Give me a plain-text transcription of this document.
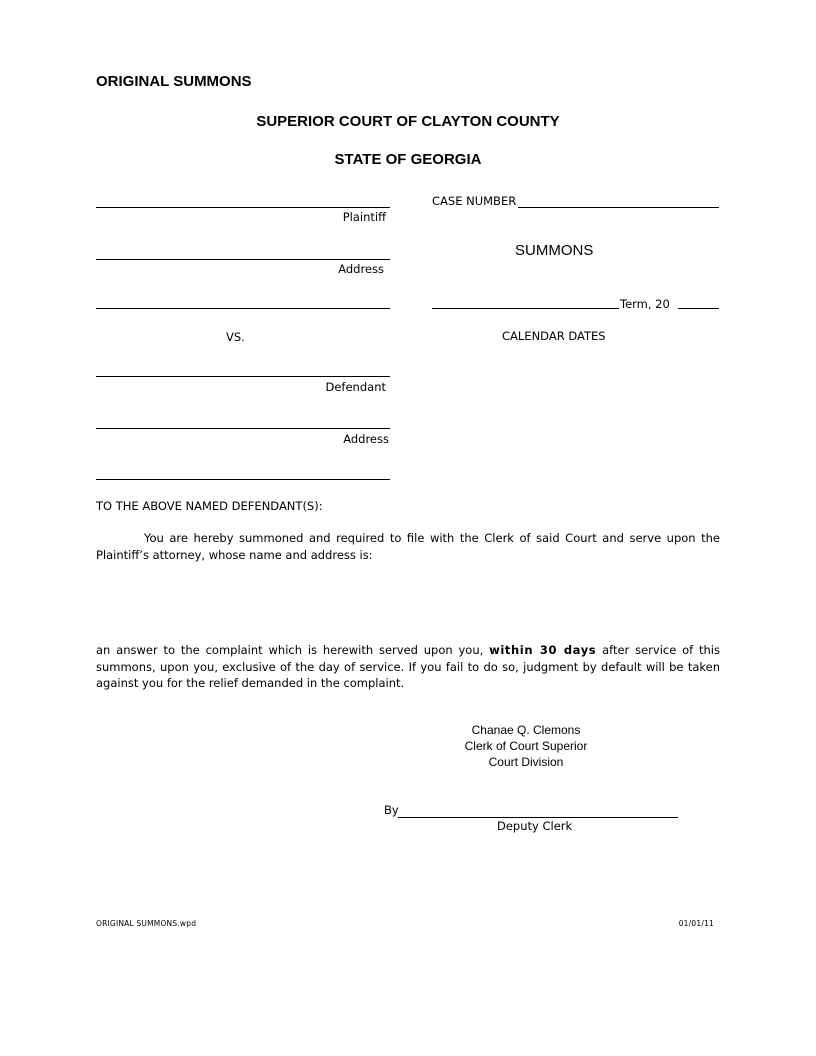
ORIGINAL SUMMONS
SUPERIOR COURT OF CLAYTON COUNTY
STATE OF GEORGIA
Plaintiff
Address
VS.
Defendant
Address
CASE NUMBER
SUMMONS
Term, 20
CALENDAR DATES
TO THE ABOVE NAMED DEFENDANT(S):
You are hereby summoned and required to file with the Clerk of said Court and serve upon the Plaintiff’s attorney, whose name and address is:
an answer to the complaint which is herewith served upon you, within 30 days after service of this summons, upon you, exclusive of the day of service. If you fail to do so, judgment by default will be taken against you for the relief demanded in the complaint.
Chanae Q. Clemons
Clerk of Court Superior
Court Division
By
Deputy Clerk
ORIGINAL SUMMONS.wpd	01/01/11
